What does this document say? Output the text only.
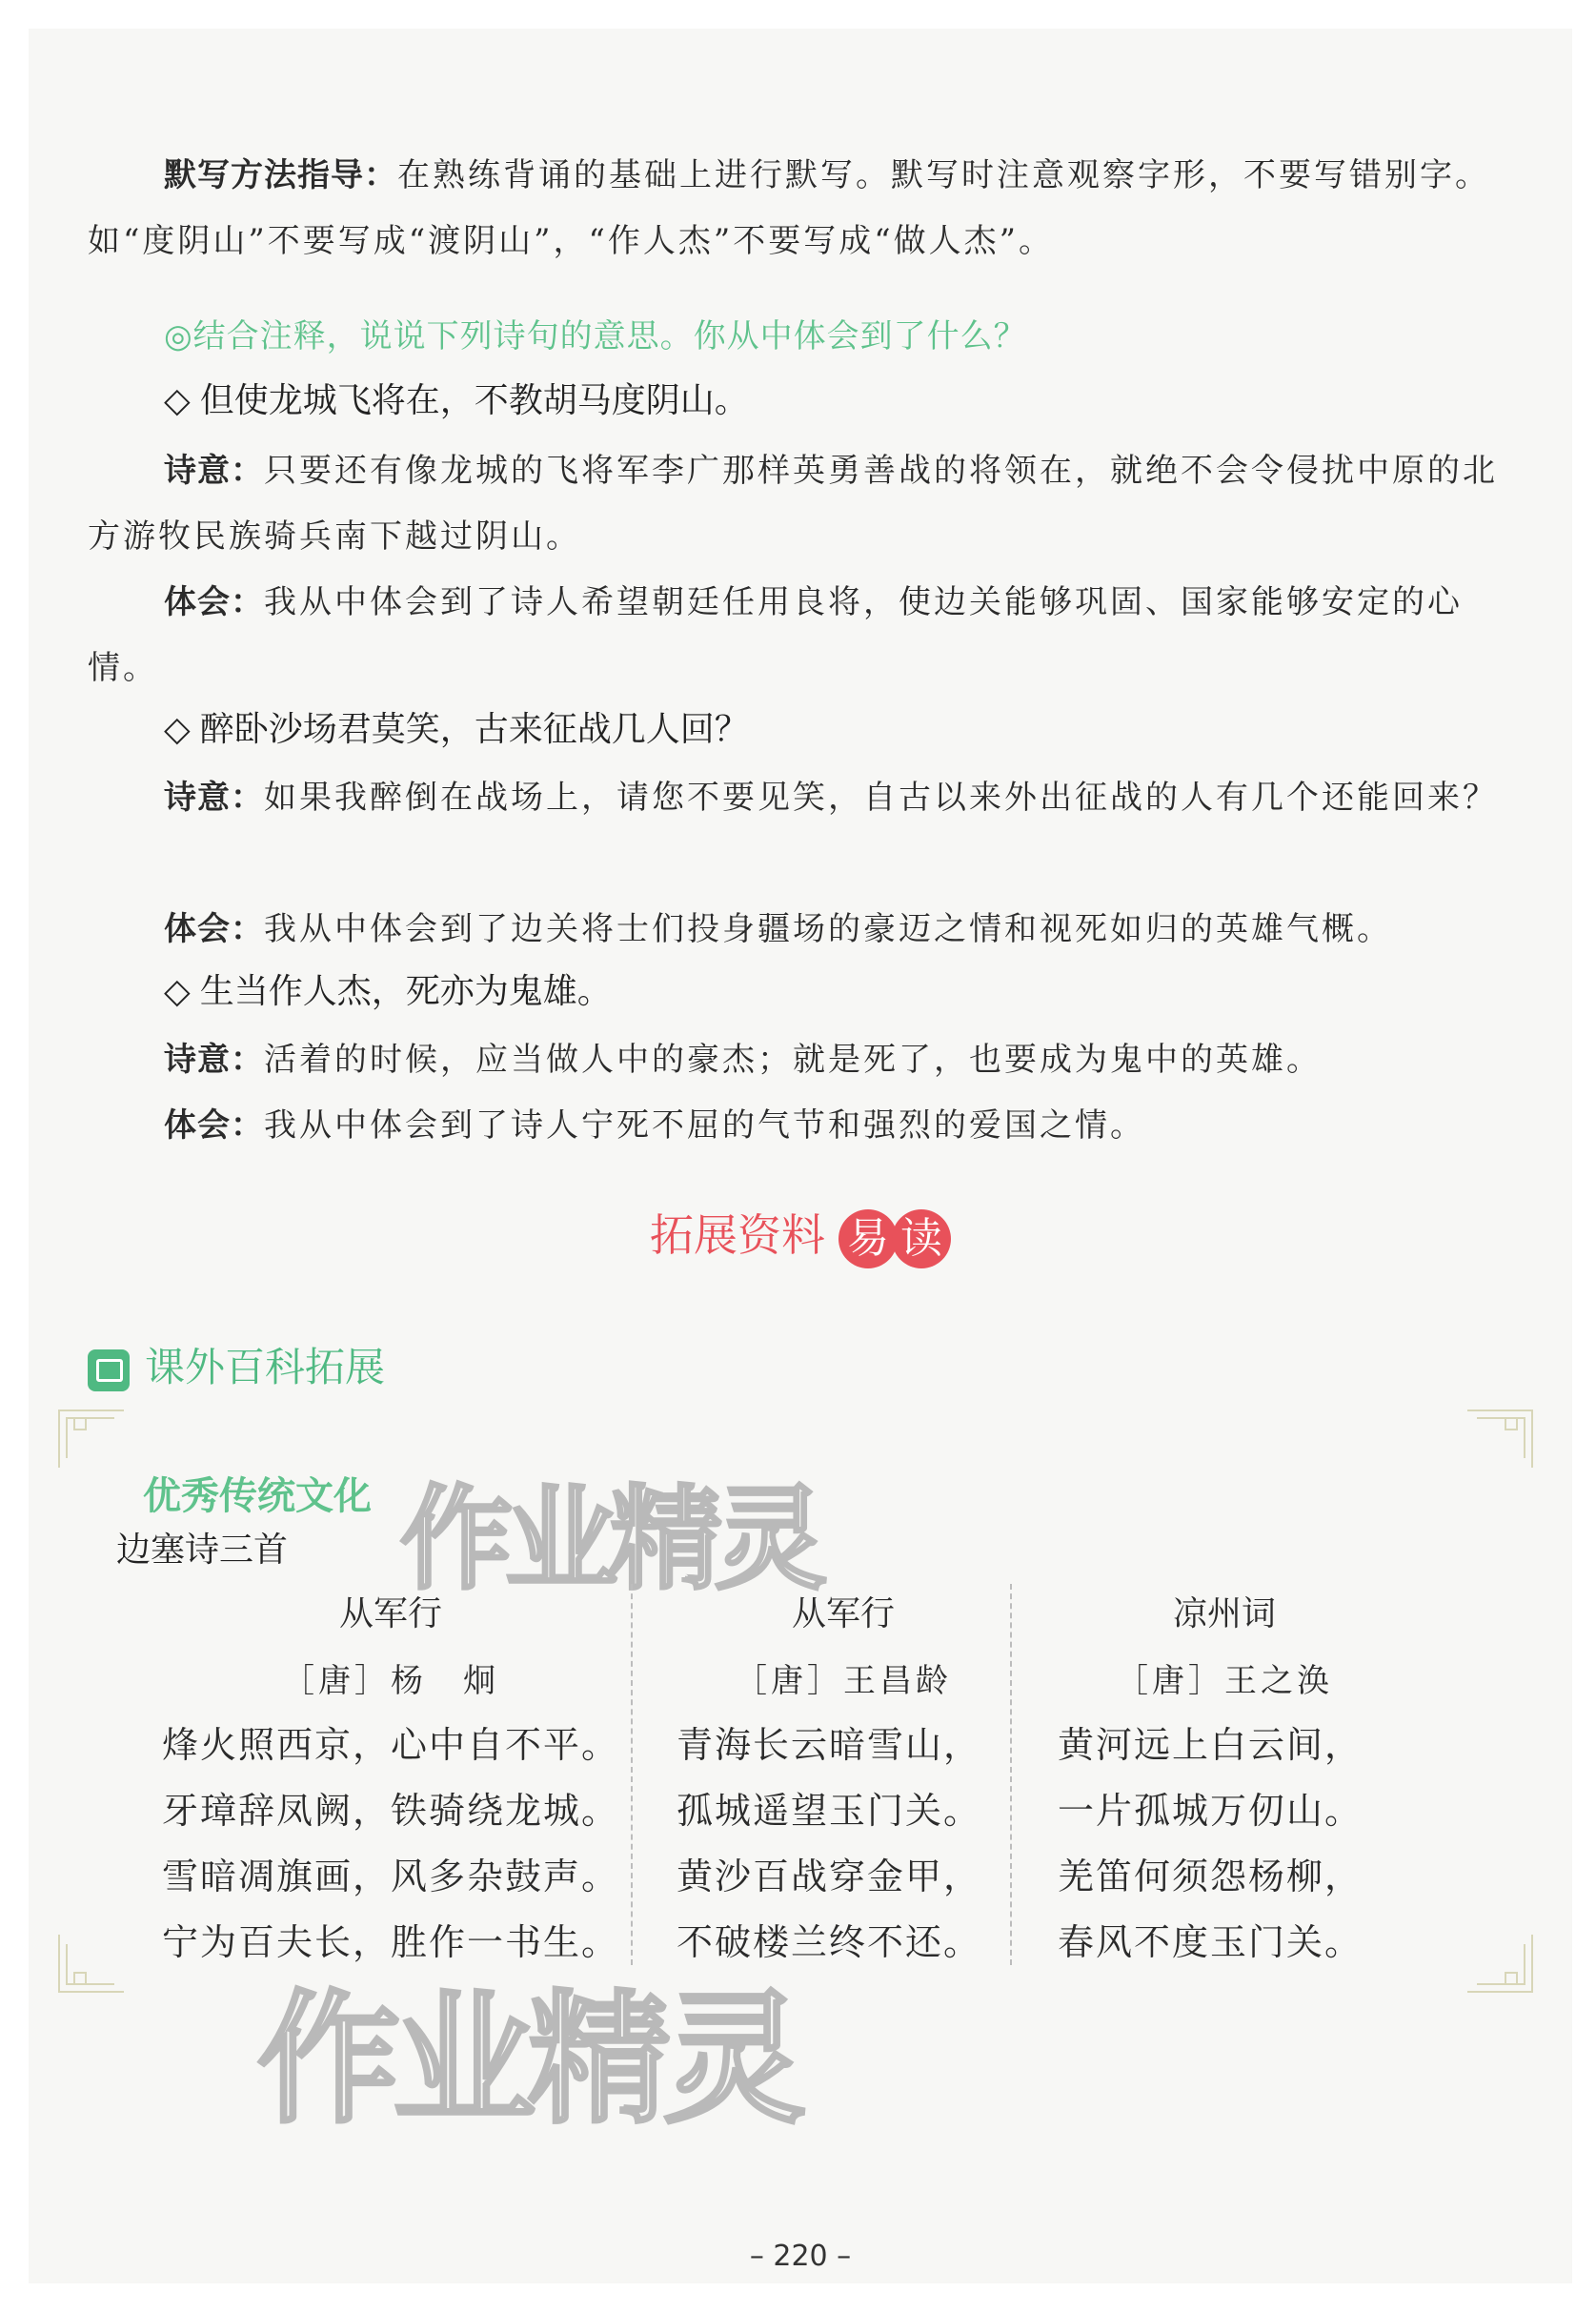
默写方法指导：在熟练背诵的基础上进行默写。默写时注意观察字形，不要写错别字。如“度阴山”不要写成“渡阴山”，“作人杰”不要写成“做人杰”。
◎结合注释，说说下列诗句的意思。你从中体会到了什么？
◇ 但使龙城飞将在，不教胡马度阴山。
诗意：只要还有像龙城的飞将军李广那样英勇善战的将领在，就绝不会令侵扰中原的北方游牧民族骑兵南下越过阴山。
体会：我从中体会到了诗人希望朝廷任用良将，使边关能够巩固、国家能够安定的心情。
◇ 醉卧沙场君莫笑，古来征战几人回？
诗意：如果我醉倒在战场上，请您不要见笑，自古以来外出征战的人有几个还能回来？
体会：我从中体会到了边关将士们投身疆场的豪迈之情和视死如归的英雄气概。
◇ 生当作人杰，死亦为鬼雄。
诗意：活着的时候，应当做人中的豪杰；就是死了，也要成为鬼中的英雄。
体会：我从中体会到了诗人宁死不屈的气节和强烈的爱国之情。
拓展资料 易 读
课外百科拓展
优秀传统文化
边塞诗三首 作业精灵
从军行
［唐］杨　炯
烽火照西京，心中自不平。
牙璋辞凤阙，铁骑绕龙城。
雪暗凋旗画，风多杂鼓声。
宁为百夫长，胜作一书生。
从军行
［唐］王昌龄
青海长云暗雪山，
孤城遥望玉门关。
黄沙百战穿金甲，
不破楼兰终不还。
凉州词
［唐］王之涣
黄河远上白云间，
一片孤城万仞山。
羌笛何须怨杨柳，
春风不度玉门关。
作业精灵
– 220 –
